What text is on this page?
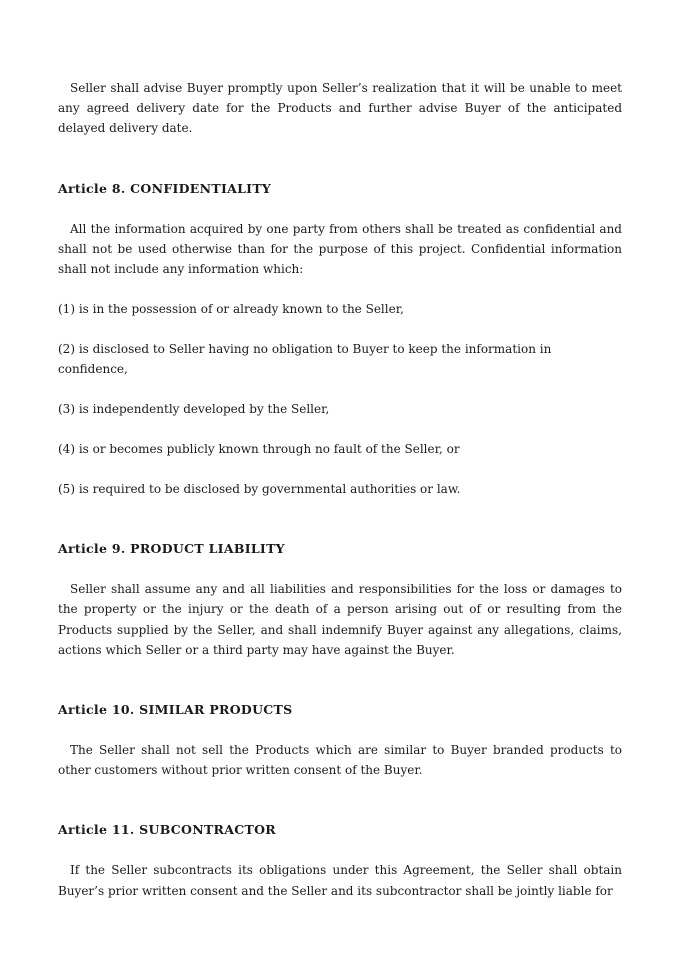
Seller shall advise Buyer promptly upon Seller’s realization that it will be unable to meet any agreed delivery date for the Products and further advise Buyer of the anticipated delayed delivery date.

Article 8. CONFIDENTIALITY

All the information acquired by one party from others shall be treated as confidential and shall not be used otherwise than for the purpose of this project. Confidential information shall not include any information which:

(1) is in the possession of or already known to the Seller,

(2) is disclosed to Seller having no obligation to Buyer to keep the information in confidence,

(3) is independently developed by the Seller,

(4) is or becomes publicly known through no fault of the Seller, or

(5) is required to be disclosed by governmental authorities or law.

Article 9. PRODUCT LIABILITY

Seller shall assume any and all liabilities and responsibilities for the loss or damages to the property or the injury or the death of a person arising out of or resulting from the Products supplied by the Seller, and shall indemnify Buyer against any allegations, claims, actions which Seller or a third party may have against the Buyer.

Article 10. SIMILAR PRODUCTS

The Seller shall not sell the Products which are similar to Buyer branded products to other customers without prior written consent of the Buyer.

Article 11. SUBCONTRACTOR

If the Seller subcontracts its obligations under this Agreement, the Seller shall obtain Buyer’s prior written consent and the Seller and its subcontractor shall be jointly liable for
